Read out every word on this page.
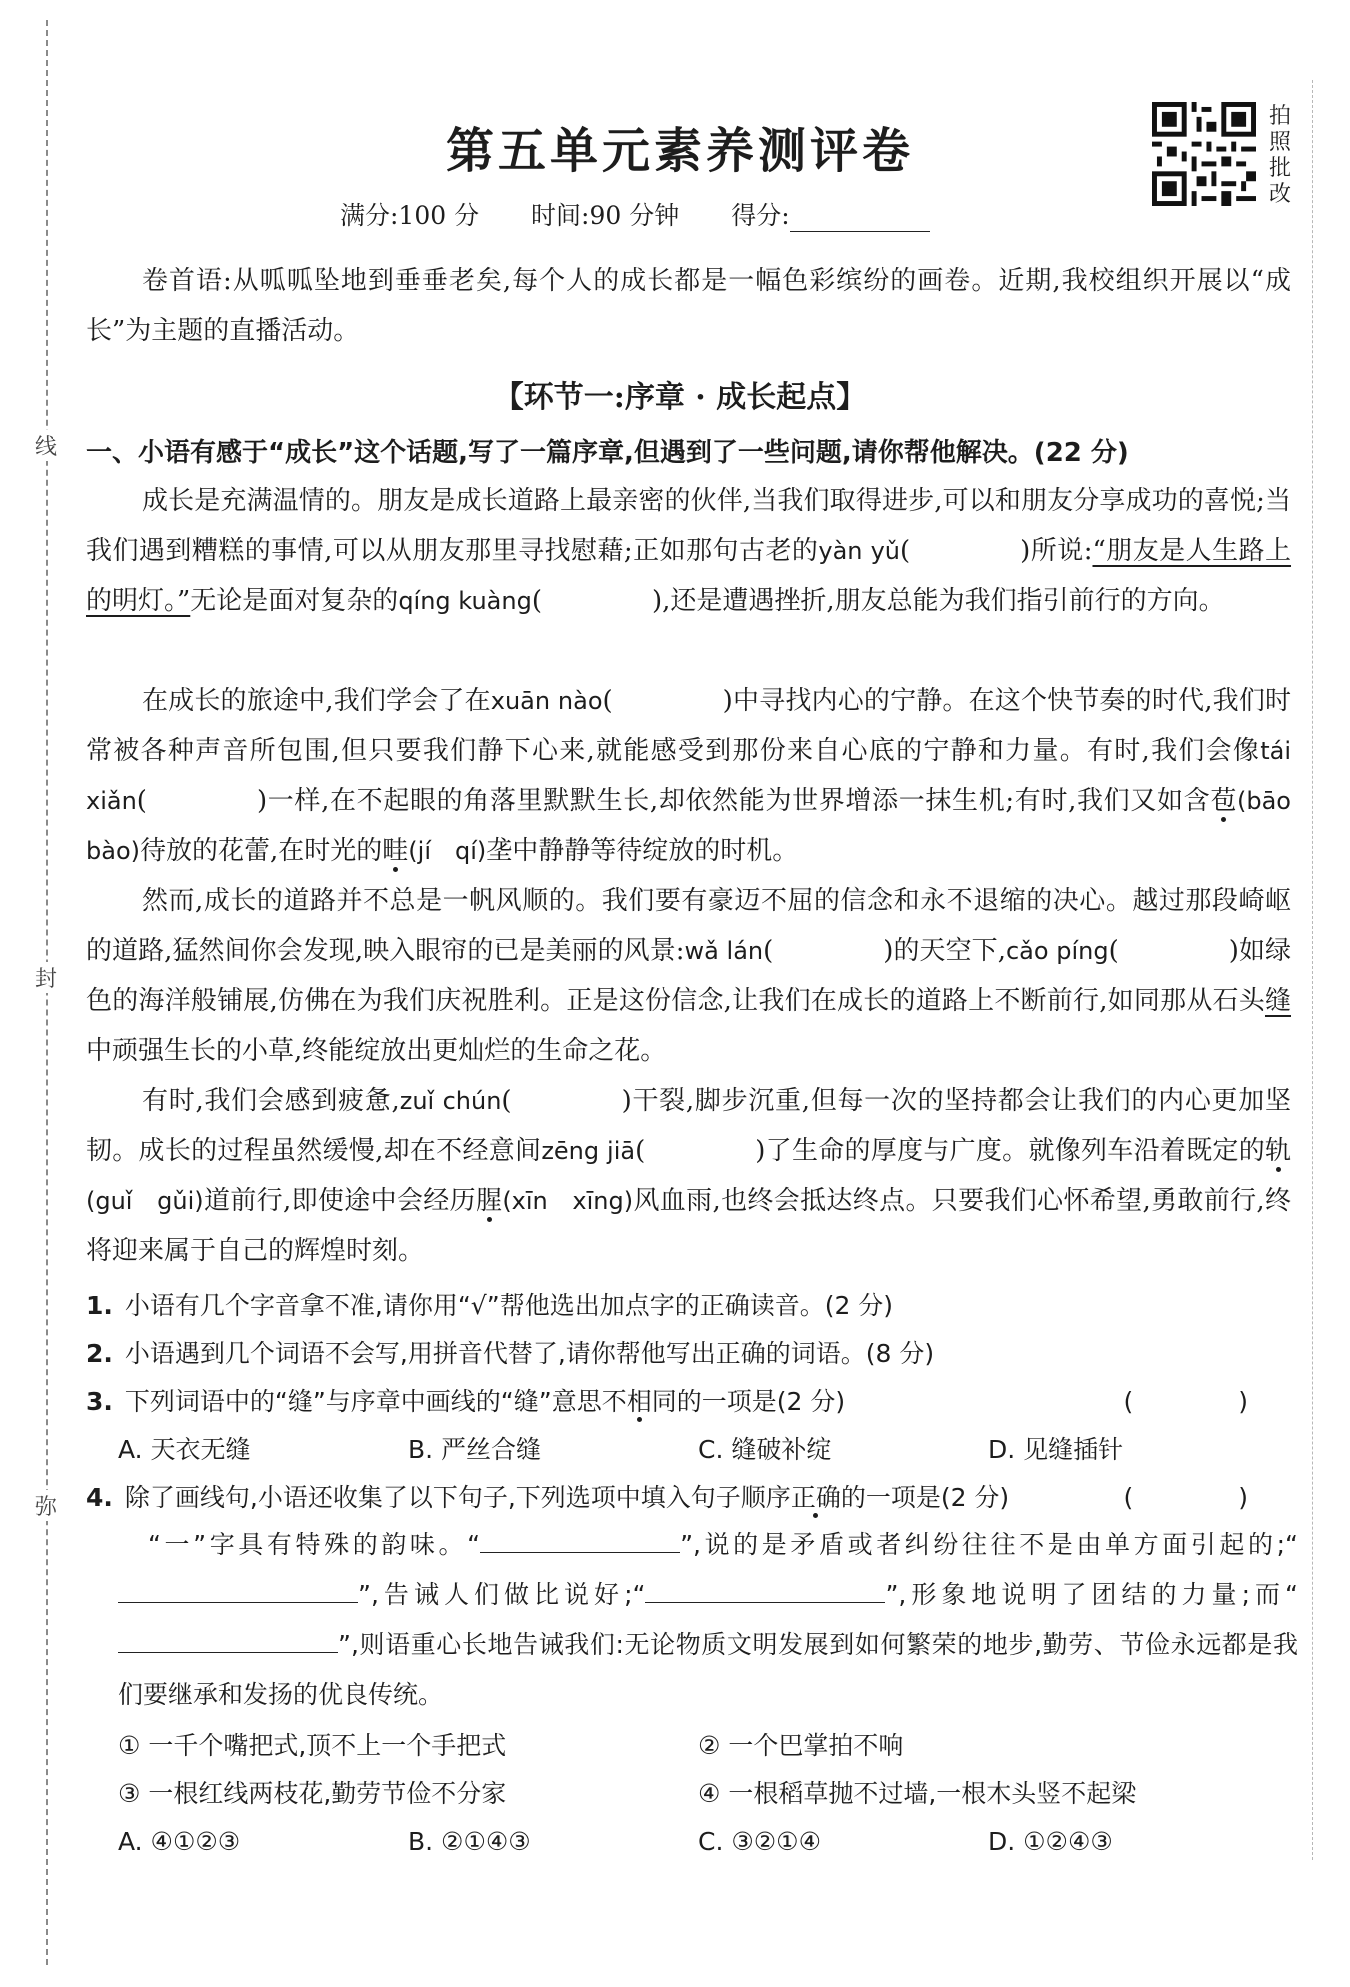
线
封
弥
第五单元素养测评卷
满分:100 分 时间:90 分钟 得分:
拍
照
批
改
卷首语:从呱呱坠地到垂垂老矣,每个人的成长都是一幅色彩缤纷的画卷。近期,我校组织开展以“成长”为主题的直播活动。
【环节一:序章 · 成长起点】
一、小语有感于“成长”这个话题,写了一篇序章,但遇到了一些问题,请你帮他解决。(22 分)
成长是充满温情的。朋友是成长道路上最亲密的伙伴,当我们取得进步,可以和朋友分享成功的喜悦;当我们遇到糟糕的事情,可以从朋友那里寻找慰藉;正如那句古老的yàn yǔ(	)所说:“朋友是人生路上的明灯。”无论是面对复杂的qíng kuàng(	),还是遭遇挫折,朋友总能为我们指引前行的方向。
在成长的旅途中,我们学会了在xuān nào(	)中寻找内心的宁静。在这个快节奏的时代,我们时常被各种声音所包围,但只要我们静下心来,就能感受到那份来自心底的宁静和力量。有时,我们会像tái xiǎn(	)一样,在不起眼的角落里默默生长,却依然能为世界增添一抹生机;有时,我们又如含苞(bāo　bào)待放的花蕾,在时光的畦(jí　qí)垄中静静等待绽放的时机。
然而,成长的道路并不总是一帆风顺的。我们要有豪迈不屈的信念和永不退缩的决心。越过那段崎岖的道路,猛然间你会发现,映入眼帘的已是美丽的风景:wǎ lán(	)的天空下,cǎo píng(	)如绿色的海洋般铺展,仿佛在为我们庆祝胜利。正是这份信念,让我们在成长的道路上不断前行,如同那从石头缝中顽强生长的小草,终能绽放出更灿烂的生命之花。
有时,我们会感到疲惫,zuǐ chún(	)干裂,脚步沉重,但每一次的坚持都会让我们的内心更加坚韧。成长的过程虽然缓慢,却在不经意间zēng jiā(	)了生命的厚度与广度。就像列车沿着既定的轨(guǐ　gǔi)道前行,即使途中会经历腥(xīn　xīng)风血雨,也终会抵达终点。只要我们心怀希望,勇敢前行,终将迎来属于自己的辉煌时刻。
1. 小语有几个字音拿不准,请你用“√”帮他选出加点字的正确读音。(2 分)
2. 小语遇到几个词语不会写,用拼音代替了,请你帮他写出正确的词语。(8 分)
3. 下列词语中的“缝”与序章中画线的“缝”意思不相同的一项是(2 分)	(　)
A. 天衣无缝	B. 严丝合缝	C. 缝破补绽	D. 见缝插针
4. 除了画线句,小语还收集了以下句子,下列选项中填入句子顺序正确的一项是(2 分)	(　)
“一”字具有特殊的韵味。“	”,说的是矛盾或者纠纷往往不是由单方面引起的;“”,告诫人们做比说好;“	”,形象地说明了团结的力量;而“”,则语重心长地告诫我们:无论物质文明发展到如何繁荣的地步,勤劳、节俭永远都是我们要继承和发扬的优良传统。
① 一千个嘴把式,顶不上一个手把式	② 一个巴掌拍不响
③ 一根红线两枝花,勤劳节俭不分家	④ 一根稻草抛不过墙,一根木头竖不起梁
A. ④①②③	B. ②①④③	C. ③②①④	D. ①②④③
